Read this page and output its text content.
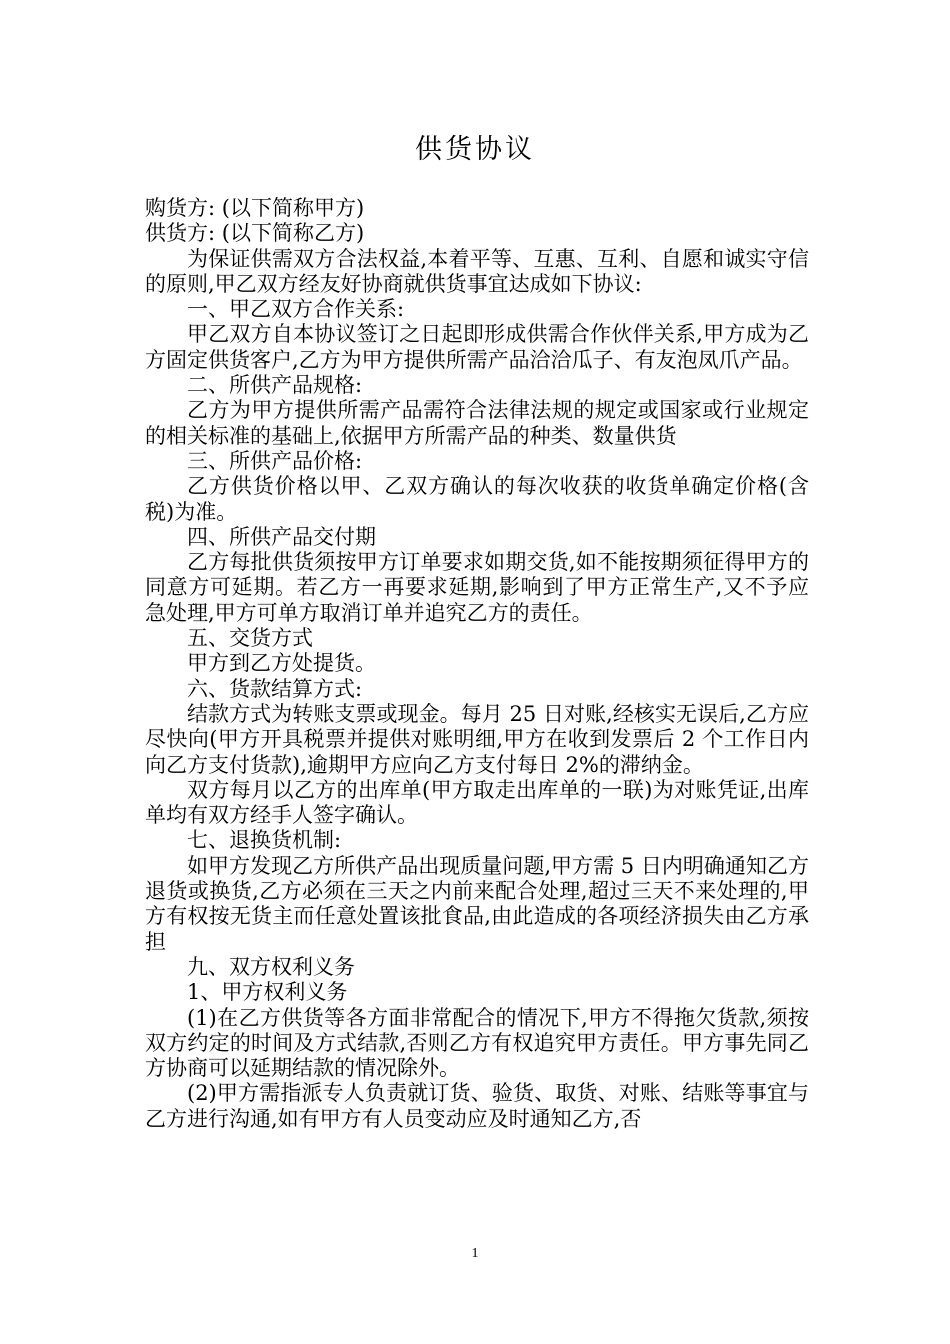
供货协议

购货方: (以下简称甲方)

供货方: (以下简称乙方)

为保证供需双方合法权益,本着平等、互惠、互利、自愿和诚实守信的原则,甲乙双方经友好协商就供货事宜达成如下协议:

一、甲乙双方合作关系:

甲乙双方自本协议签订之日起即形成供需合作伙伴关系,甲方成为乙方固定供货客户,乙方为甲方提供所需产品洽洽瓜子、有友泡凤爪产品。

二、所供产品规格:

乙方为甲方提供所需产品需符合法律法规的规定或国家或行业规定的相关标准的基础上,依据甲方所需产品的种类、数量供货

三、所供产品价格:

乙方供货价格以甲、乙双方确认的每次收获的收货单确定价格(含税)为准。

四、所供产品交付期

乙方每批供货须按甲方订单要求如期交货,如不能按期须征得甲方的同意方可延期。若乙方一再要求延期,影响到了甲方正常生产,又不予应急处理,甲方可单方取消订单并追究乙方的责任。

五、交货方式

甲方到乙方处提货。

六、货款结算方式:

结款方式为转账支票或现金。每月 25 日对账,经核实无误后,乙方应尽快向(甲方开具税票并提供对账明细,甲方在收到发票后 2 个工作日内向乙方支付货款),逾期甲方应向乙方支付每日 2%的滞纳金。

双方每月以乙方的出库单(甲方取走出库单的一联)为对账凭证,出库单均有双方经手人签字确认。

七、退换货机制:

如甲方发现乙方所供产品出现质量问题,甲方需 5 日内明确通知乙方退货或换货,乙方必须在三天之内前来配合处理,超过三天不来处理的,甲方有权按无货主而任意处置该批食品,由此造成的各项经济损失由乙方承担

九、双方权利义务

1、甲方权利义务

(1)在乙方供货等各方面非常配合的情况下,甲方不得拖欠货款,须按双方约定的时间及方式结款,否则乙方有权追究甲方责任。甲方事先同乙方协商可以延期结款的情况除外。

(2)甲方需指派专人负责就订货、验货、取货、对账、结账等事宜与乙方进行沟通,如有甲方有人员变动应及时通知乙方,否

1
